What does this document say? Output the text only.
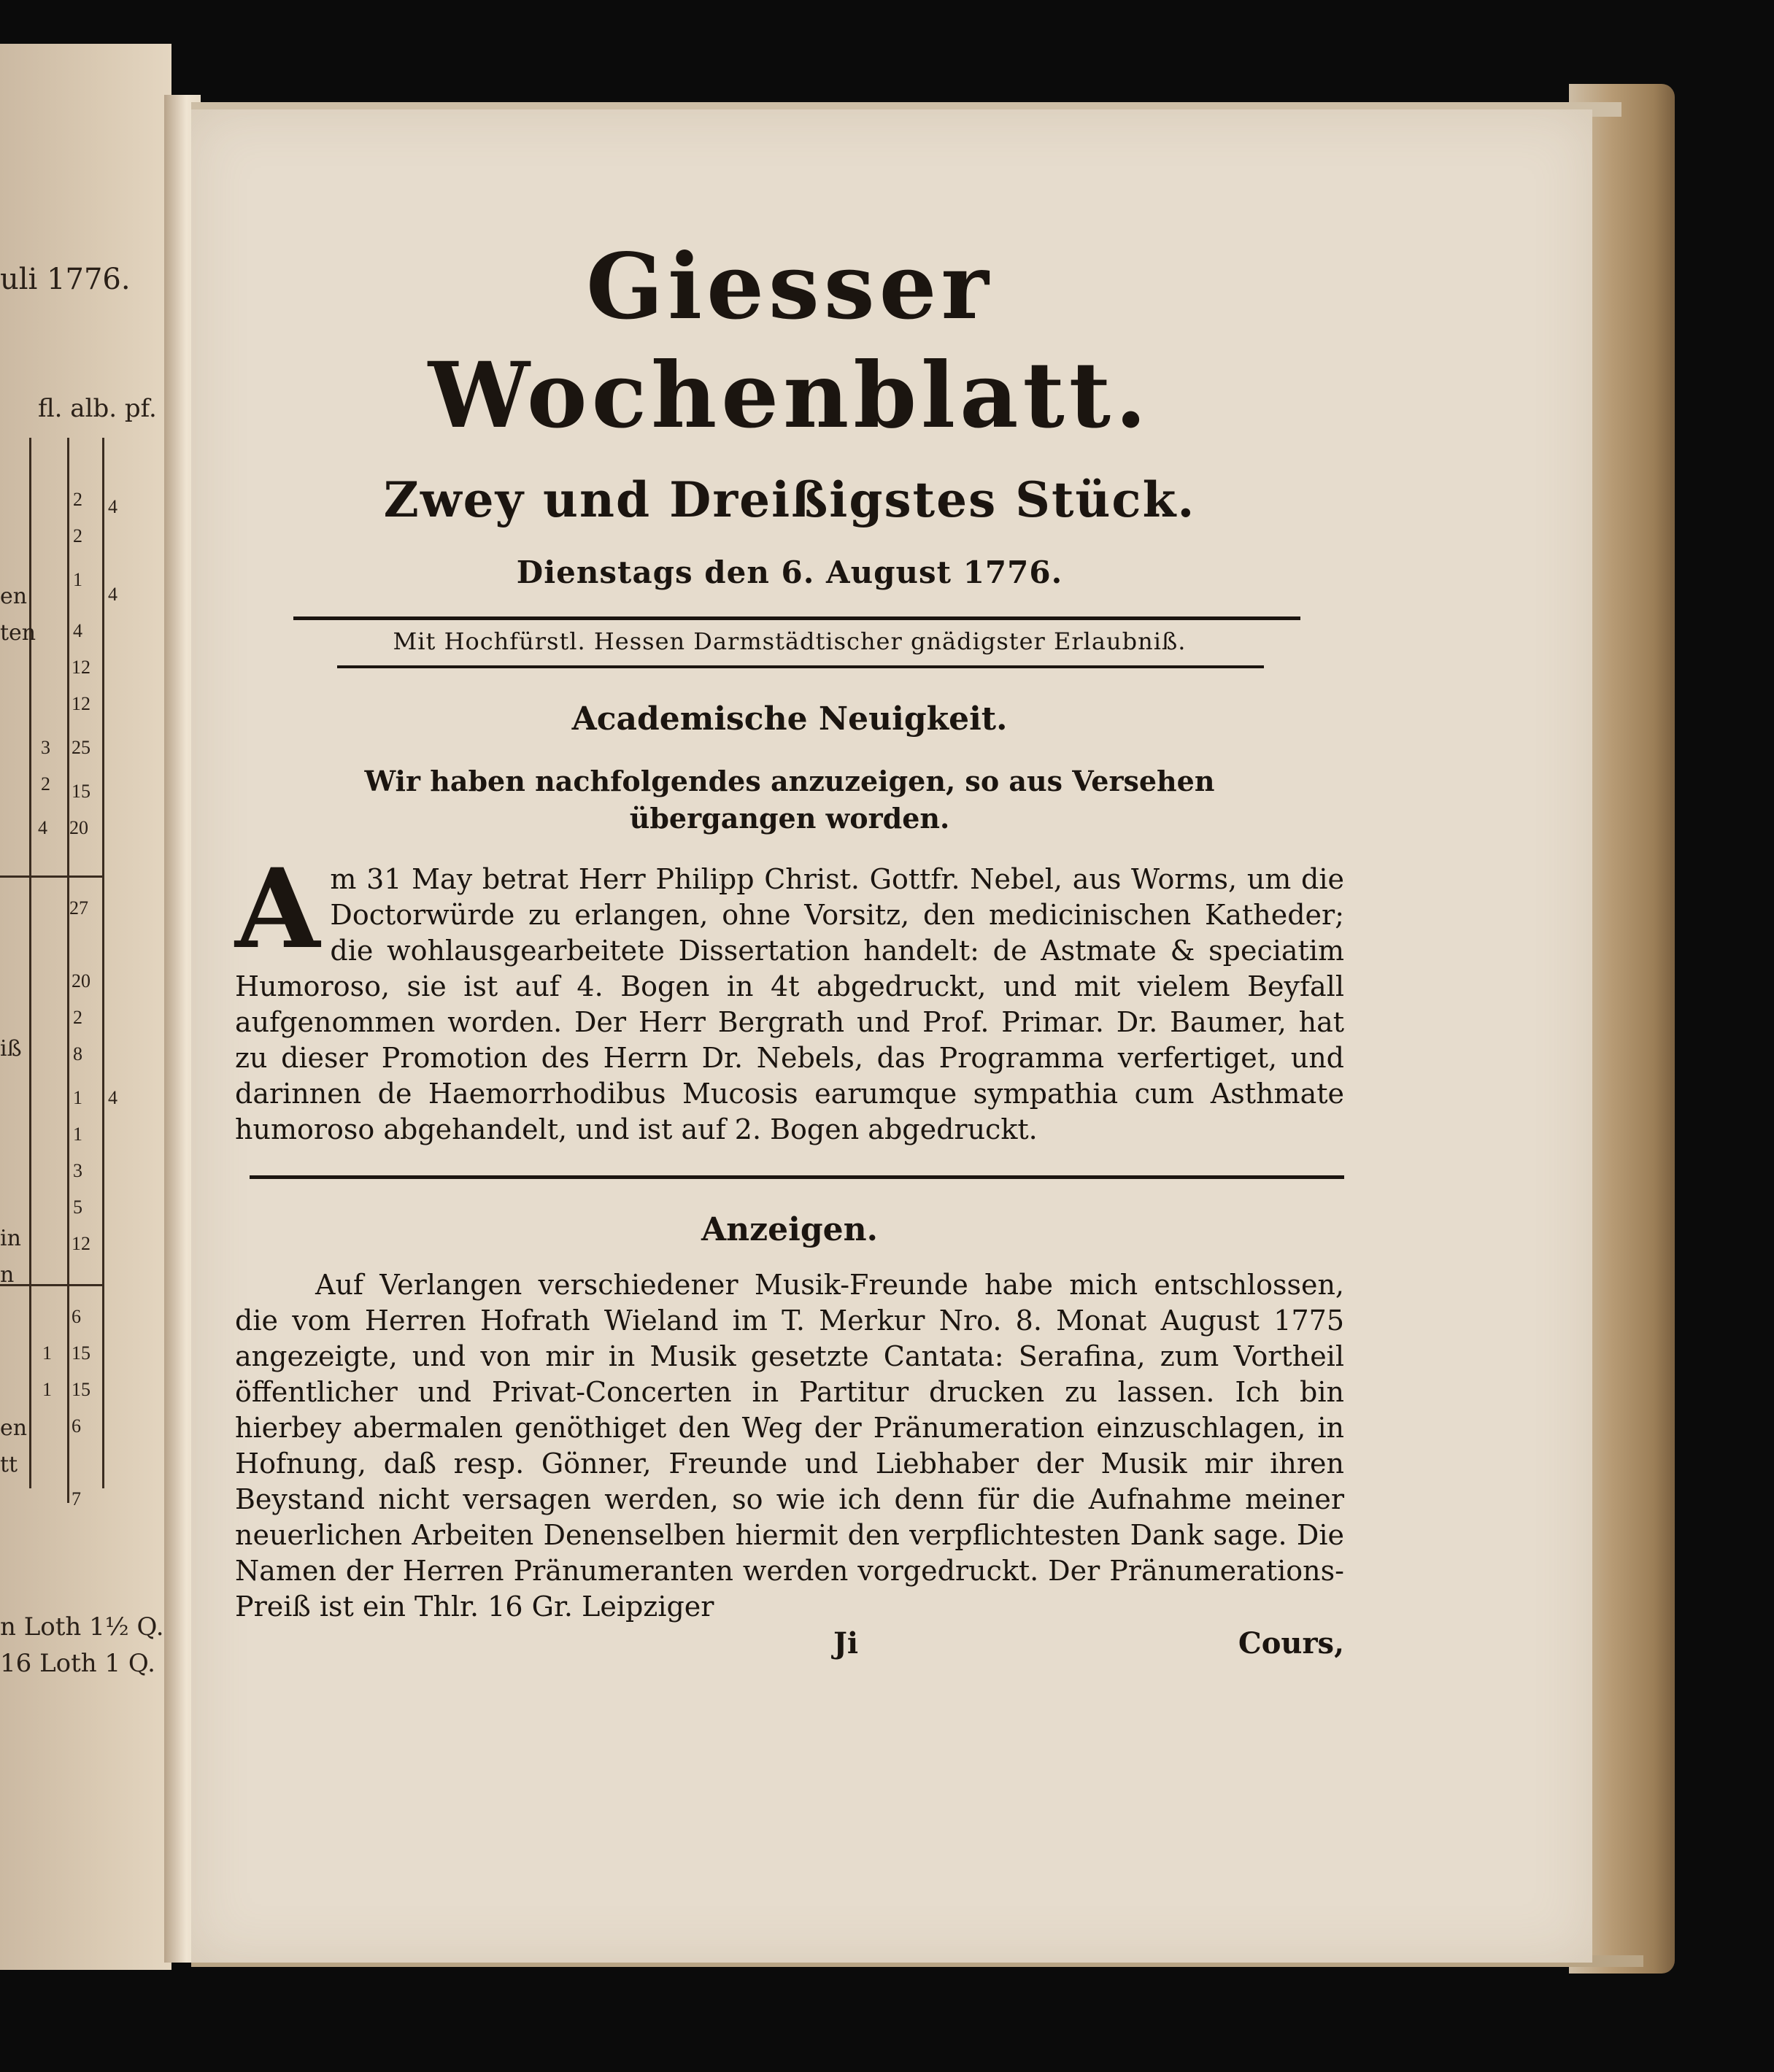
uli 1776.
fl. alb. pf.
2 4
2
1
4
4
12
12
3 25
2 15
4 20
27
20
2
8
1 4
1
3
5
12
6
1 15
1 15
6
7
en
ten
iß
in
n
en
tt
n Loth 1½ Q.
16 Loth 1 Q.
Giesser Wochenblatt.
Zwey und Dreißigstes Stück.
Dienstags den 6. August 1776.
Mit Hochfürstl. Hessen Darmstädtischer gnädigster Erlaubniß.
Academische Neuigkeit.
Wir haben nachfolgendes anzuzeigen, so aus Versehen übergangen worden.
A m 31 May betrat Herr Philipp Christ. Gottfr. Nebel, aus Worms, um die Doctorwürde zu erlangen, ohne Vorsitz, den medicinischen Katheder; die wohlausgearbeitete Dissertation handelt: de Astmate & speciatim Humoroso, sie ist auf 4. Bogen in 4t abgedruckt, und mit vielem Beyfall aufgenommen worden. Der Herr Bergrath und Prof. Primar. Dr. Baumer, hat zu dieser Promotion des Herrn Dr. Nebels, das Programma verfertiget, und darinnen de Haemorrhodibus Mucosis earumque sympathia cum Asthmate humoroso abgehandelt, und ist auf 2. Bogen abgedruckt.
Anzeigen.
Auf Verlangen verschiedener Musik-Freunde habe mich entschlossen, die vom Herren Hofrath Wieland im T. Merkur Nro. 8. Monat August 1775 angezeigte, und von mir in Musik gesetzte Cantata: Serafina, zum Vortheil öffentlicher und Privat-Concerten in Partitur drucken zu lassen. Ich bin hierbey abermalen genöthiget den Weg der Pränumeration einzuschlagen, in Hofnung, daß resp. Gönner, Freunde und Liebhaber der Musik mir ihren Beystand nicht versagen werden, so wie ich denn für die Aufnahme meiner neuerlichen Arbeiten Denenselben hiermit den verpflichtesten Dank sage. Die Namen der Herren Pränumeranten werden vorgedruckt. Der Pränumerations-Preiß ist ein Thlr. 16 Gr. Leipziger
Ji	Cours,
